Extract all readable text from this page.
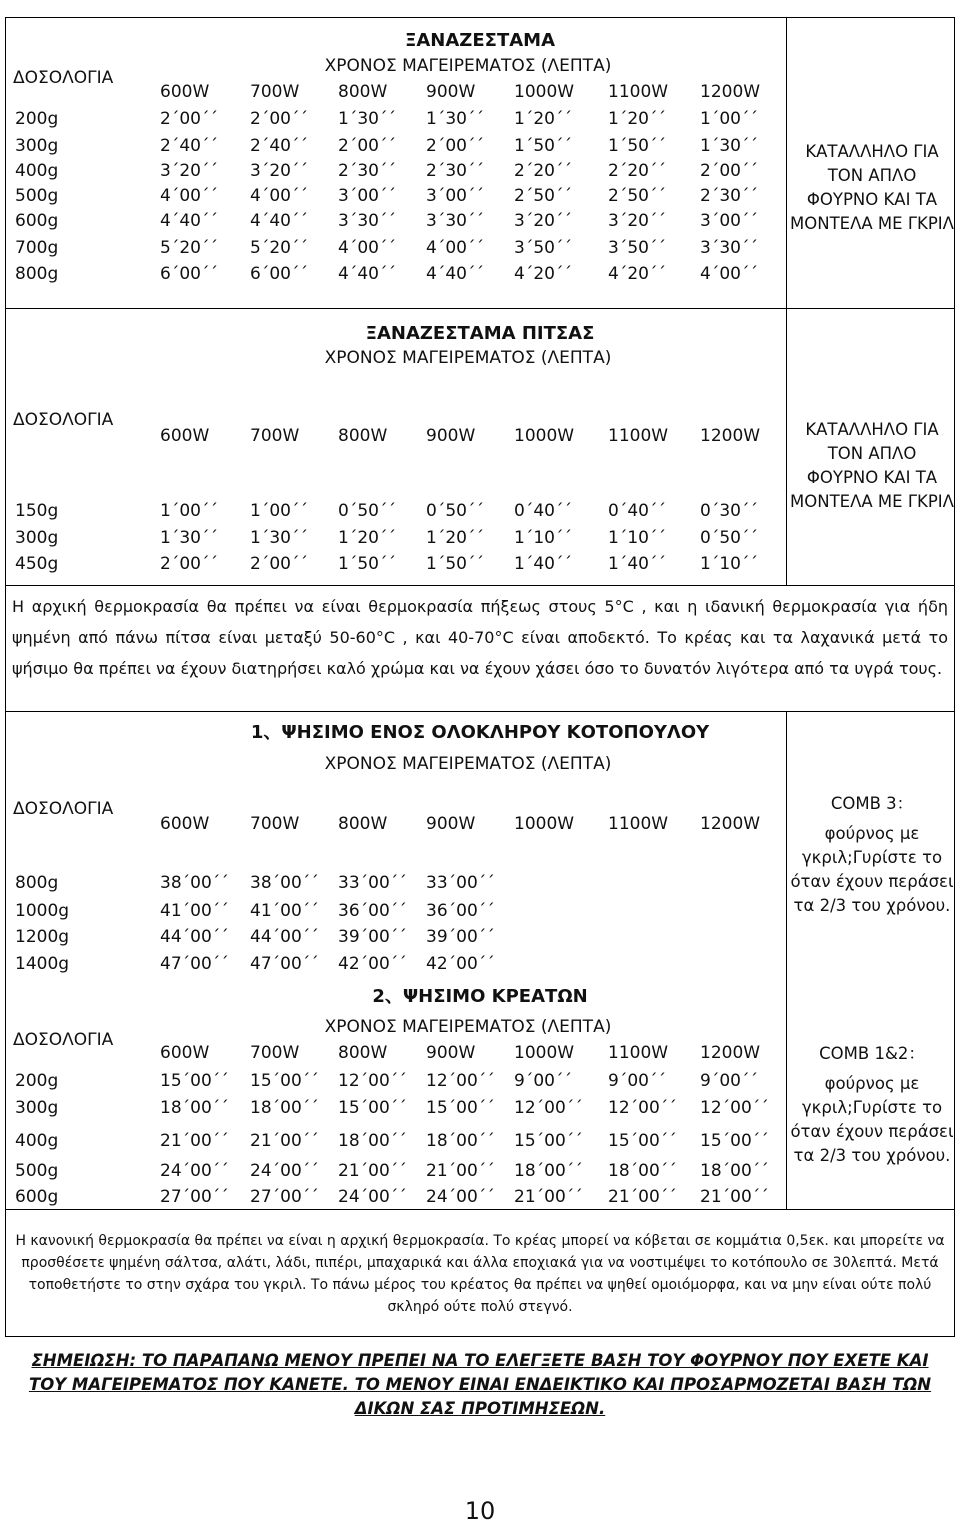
ΞΑΝΑΖΕΣΤΑΜΑ
ΧΡΟΝΟΣ ΜΑΓΕΙΡΕΜΑΤΟΣ (ΛΕΠΤΑ)
ΔΟΣΟΛΟΓΙΑ
600W 700W 800W 900W 1000W 1100W 1200W
200g	2΄00΄΄ 2΄00΄΄ 1΄30΄΄ 1΄30΄΄ 1΄20΄΄ 1΄20΄΄ 1΄00΄΄
300g	2΄40΄΄ 2΄40΄΄ 2΄00΄΄ 2΄00΄΄ 1΄50΄΄ 1΄50΄΄ 1΄30΄΄
400g	3΄20΄΄ 3΄20΄΄ 2΄30΄΄ 2΄30΄΄ 2΄20΄΄ 2΄20΄΄ 2΄00΄΄
500g	4΄00΄΄ 4΄00΄΄ 3΄00΄΄ 3΄00΄΄ 2΄50΄΄ 2΄50΄΄ 2΄30΄΄
600g	4΄40΄΄ 4΄40΄΄ 3΄30΄΄ 3΄30΄΄ 3΄20΄΄ 3΄20΄΄ 3΄00΄΄
700g	5΄20΄΄ 5΄20΄΄ 4΄00΄΄ 4΄00΄΄ 3΄50΄΄ 3΄50΄΄ 3΄30΄΄
800g	6΄00΄΄ 6΄00΄΄ 4΄40΄΄ 4΄40΄΄ 4΄20΄΄ 4΄20΄΄ 4΄00΄΄
ΚΑΤΑΛΛΗΛΟ ΓΙΑ ΤΟΝ ΑΠΛΟ ΦΟΥΡΝΟ ΚΑΙ ΤΑ ΜΟΝΤΕΛΑ ΜΕ ΓΚΡΙΛ
ΞΑΝΑΖΕΣΤΑΜΑ ΠΙΤΣΑΣ
ΧΡΟΝΟΣ ΜΑΓΕΙΡΕΜΑΤΟΣ (ΛΕΠΤΑ)
ΔΟΣΟΛΟΓΙΑ
600W 700W 800W 900W 1000W 1100W 1200W
150g	1΄00΄΄ 1΄00΄΄ 0΄50΄΄ 0΄50΄΄ 0΄40΄΄ 0΄40΄΄ 0΄30΄΄
300g	1΄30΄΄ 1΄30΄΄ 1΄20΄΄ 1΄20΄΄ 1΄10΄΄ 1΄10΄΄ 0΄50΄΄
450g	2΄00΄΄ 2΄00΄΄ 1΄50΄΄ 1΄50΄΄ 1΄40΄΄ 1΄40΄΄ 1΄10΄΄
ΚΑΤΑΛΛΗΛΟ ΓΙΑ ΤΟΝ ΑΠΛΟ ΦΟΥΡΝΟ ΚΑΙ ΤΑ ΜΟΝΤΕΛΑ ΜΕ ΓΚΡΙΛ
Η αρχική θερμοκρασία θα πρέπει να είναι θερμοκρασία πήξεως στους 5°C , και η ιδανική θερμοκρασία για ήδη ψημένη από πάνω πίτσα είναι μεταξύ 50-60°C , και 40-70°C είναι αποδεκτό. Το κρέας και τα λαχανικά μετά το ψήσιμο θα πρέπει να έχουν διατηρήσει καλό χρώμα και να έχουν χάσει όσο το δυνατόν λιγότερα από τα υγρά τους.
1、ΨΗΣΙΜΟ ΕΝΟΣ ΟΛΟΚΛΗΡΟΥ ΚΟΤΟΠΟΥΛΟΥ
ΧΡΟΝΟΣ ΜΑΓΕΙΡΕΜΑΤΟΣ (ΛΕΠΤΑ)
ΔΟΣΟΛΟΓΙΑ
600W 700W 800W 900W 1000W 1100W 1200W
800g	38΄00΄΄ 38΄00΄΄ 33΄00΄΄ 33΄00΄΄
1000g	41΄00΄΄ 41΄00΄΄ 36΄00΄΄ 36΄00΄΄
1200g	44΄00΄΄ 44΄00΄΄ 39΄00΄΄ 39΄00΄΄
1400g	47΄00΄΄ 47΄00΄΄ 42΄00΄΄ 42΄00΄΄
COMB 3：
φούρνος με γκριλ;Γυρίστε το όταν έχουν περάσει τα 2/3 του χρόνου.
2、ΨΗΣΙΜΟ ΚΡΕΑΤΩΝ
ΧΡΟΝΟΣ ΜΑΓΕΙΡΕΜΑΤΟΣ (ΛΕΠΤΑ)
ΔΟΣΟΛΟΓΙΑ
600W 700W 800W 900W 1000W 1100W 1200W
200g	15΄00΄΄ 15΄00΄΄ 12΄00΄΄ 12΄00΄΄ 9΄00΄΄ 9΄00΄΄ 9΄00΄΄
300g	18΄00΄΄ 18΄00΄΄ 15΄00΄΄ 15΄00΄΄ 12΄00΄΄ 12΄00΄΄ 12΄00΄΄
400g	21΄00΄΄ 21΄00΄΄ 18΄00΄΄ 18΄00΄΄ 15΄00΄΄ 15΄00΄΄ 15΄00΄΄
500g	24΄00΄΄ 24΄00΄΄ 21΄00΄΄ 21΄00΄΄ 18΄00΄΄ 18΄00΄΄ 18΄00΄΄
600g	27΄00΄΄ 27΄00΄΄ 24΄00΄΄ 24΄00΄΄ 21΄00΄΄ 21΄00΄΄ 21΄00΄΄
COMB 1&2：
φούρνος με γκριλ;Γυρίστε το όταν έχουν περάσει τα 2/3 του χρόνου.
Η κανονική θερμοκρασία θα πρέπει να είναι η αρχική θερμοκρασία. Το κρέας μπορεί να κόβεται σε κομμάτια 0,5εκ. και μπορείτε να προσθέσετε ψημένη σάλτσα, αλάτι, λάδι, πιπέρι, μπαχαρικά και άλλα εποχιακά για να νοστιμέψει το κοτόπουλο σε 30λεπτά. Μετά τοποθετήστε το στην σχάρα του γκριλ. Το πάνω μέρος του κρέατος θα πρέπει να ψηθεί ομοιόμορφα, και να μην είναι ούτε πολύ σκληρό ούτε πολύ στεγνό.
ΣΗΜΕΙΩΣΗ: ΤΟ ΠΑΡΑΠΑΝΩ ΜΕΝΟΥ ΠΡΕΠΕΙ ΝΑ ΤΟ ΕΛΕΓΞΕΤΕ ΒΑΣΗ ΤΟΥ ΦΟΥΡΝΟΥ ΠΟΥ ΕΧΕΤΕ ΚΑΙ ΤΟΥ ΜΑΓΕΙΡΕΜΑΤΟΣ ΠΟΥ ΚΑΝΕΤΕ. ΤΟ ΜΕΝΟΥ ΕΙΝΑΙ ΕΝΔΕΙΚΤΙΚΟ ΚΑΙ ΠΡΟΣΑΡΜΟΖΕΤΑΙ ΒΑΣΗ ΤΩΝ ΔΙΚΩΝ ΣΑΣ ΠΡΟΤΙΜΗΣΕΩΝ.
10
